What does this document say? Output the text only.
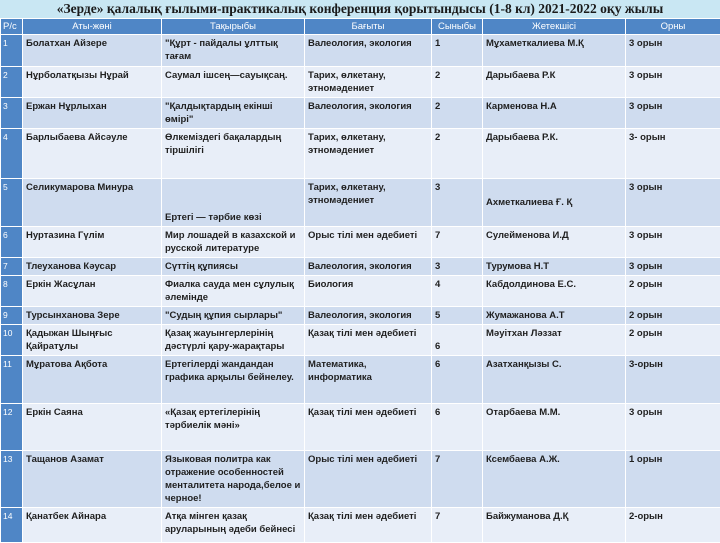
«Зерде» қалалық ғылыми-практикалық конференция қорытындысы (1-8 кл) 2021-2022 оқу жылы
Р/с	Аты-жөні	Тақырыбы	Бағыты	Сыныбы	Жетекшісі	Орны
1	Болатхан Айзере	"Құрт - пайдалы ұлттық тағам	Валеология, экология	1	Мұхаметкалиева М.Қ	3 орын
2	Нұрболатқызы Нұрай	Саумал ішсең—сауықсаң.	Тарих, өлкетану, этномәдениет	2	Дарыбаева Р.К	3 орын
3	Ержан Нұрлыхан	"Қалдықтардың екінші өмірі"	Валеология, экология	2	Карменова Н.А	3 орын
4	Барлыбаева Айсәуле	Өлкеміздегі бақалардың тіршілігі	Тарих, өлкетану, этномәдениет	2	Дарыбаева Р.К.	3- орын
5	Селикумарова Минура	Ертегі — тәрбие көзі	Тарих, өлкетану, этномәдениет	3	Ахметкалиева Ғ. Қ	3 орын
6	Нуртазина Гүлім	Мир лошадей в казахской и русской литературе	Орыс тілі мен әдебиеті	7	Сулейменова И.Д	3 орын
7	Тлеуханова Кәусар	Сүттің құпиясы	Валеология, экология	3	Турумова Н.Т	3 орын
8	Еркін Жасұлан	Фиалка сауда мен сұлулық әлемінде	Биология	4	Кабдолдинова Е.С.	2 орын
9	Турсынханова Зере	"Судың құпия сырлары"	Валеология, экология	5	Жумажанова А.Т	2 орын
10	Қадыжан Шыңғыс Қайратұлы	Қазақ жауынгерлерінің дәстүрлі қару-жарақтары	Қазақ тілі мен әдебиеті	6	Мәуітхан Ләззат	2 орын
11	Мұратова Ақбота	Ертегілерді жандандан графика арқылы бейнелеу.	Математика, информатика	6	Азатханқызы С.	3-орын
12	Еркін Саяна	«Қазақ ертегілерінің тәрбиелік мәні»	Қазақ тілі мен әдебиеті	6	Отарбаева М.М.	3 орын
13	Тащанов Азамат	Языковая политра как отражение особенностей менталитета народа,белое и черное!	Орыс тілі мен әдебиеті	7	Ксембаева А.Ж.	1 орын
14	Қанатбек Айнара	Атқа мінген қазақ аруларының әдеби бейнесі	Қазақ тілі мен әдебиеті	7	Байжуманова Д.Қ	2-орын
